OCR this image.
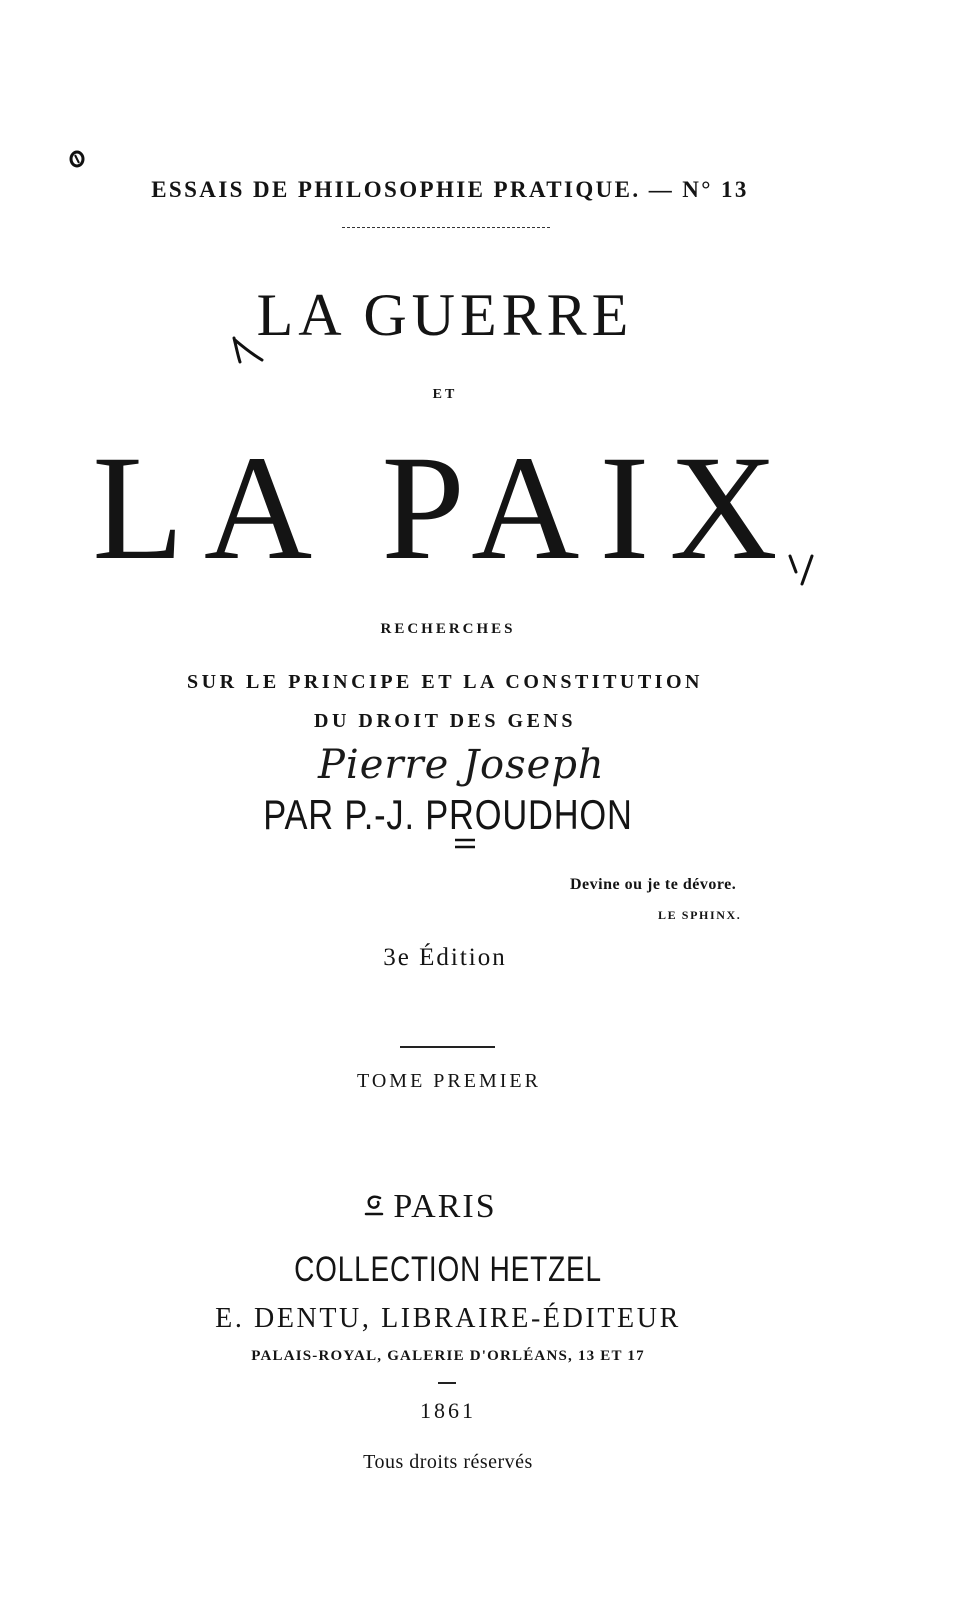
ESSAIS DE PHILOSOPHIE PRATIQUE. — N° 13
LA GUERRE
ET
LA PAIX
RECHERCHES
SUR LE PRINCIPE ET LA CONSTITUTION
DU DROIT DES GENS
Pierre Joseph
PAR P.-J. PROUDHON
Devine ou je te dévore.
LE SPHINX.
3e Édition
TOME PREMIER
PARIS
COLLECTION HETZEL
E. DENTU, LIBRAIRE-ÉDITEUR
PALAIS-ROYAL, GALERIE D'ORLÉANS, 13 ET 17
1861
Tous droits réservés
